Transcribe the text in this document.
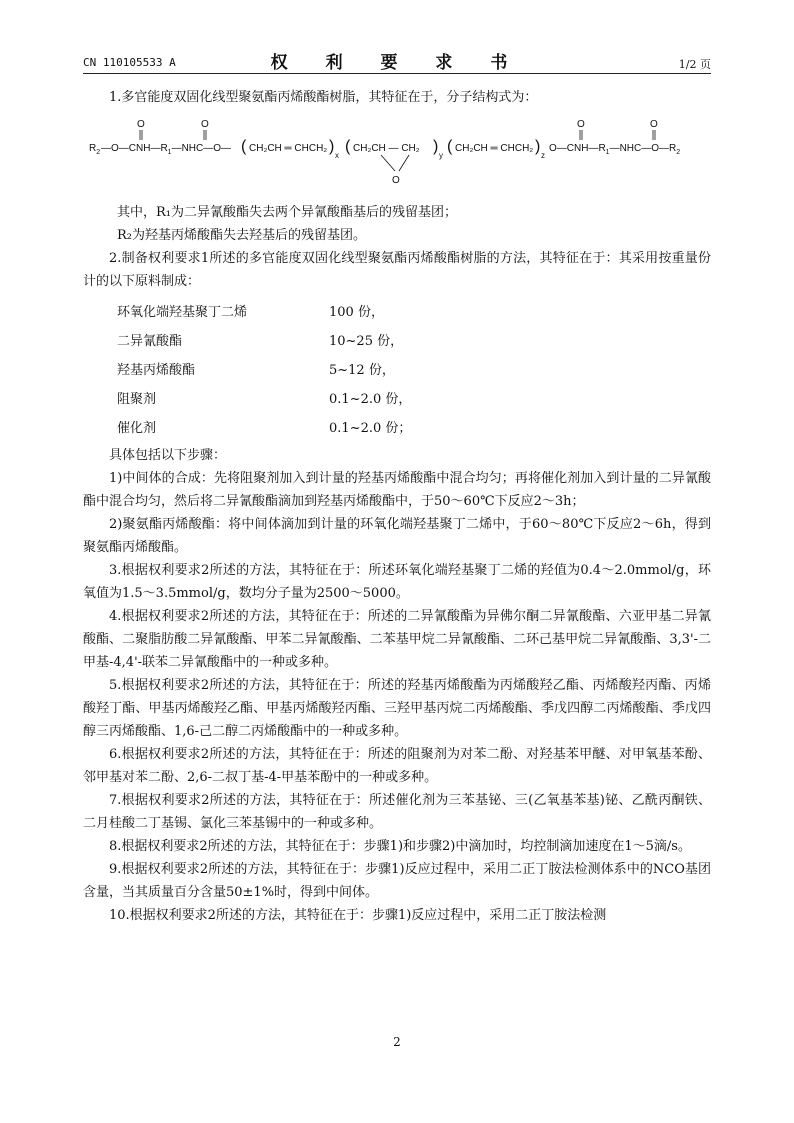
CN 110105533 A	权 利 要 求 书	1/2 页

1.多官能度双固化线型聚氨酯丙烯酸酯树脂，其特征在于，分子结构式为：

O	O	O	O
$R_2$ $—O—CNH—R_1—NHC—O—$ ( CH₂CH ═ CHCH₂ )
x
( CH₂CH — CH₂ )
y
O
( CH₂CH ═ CHCH₂ )
z
$O—CNH—R_1—NHC—O—R_2$

其中，R₁为二异氰酸酯失去两个异氰酸酯基后的残留基团；

R₂为羟基丙烯酸酯失去羟基后的残留基团。

2.制备权利要求1所述的多官能度双固化线型聚氨酯丙烯酸酯树脂的方法，其特征在于：其采用按重量份计的以下原料制成：

环氧化端羟基聚丁二烯	100 份，
二异氰酸酯	10~25 份，
羟基丙烯酸酯	5~12 份，
阻聚剂	0.1~2.0 份，
催化剂	0.1~2.0 份；

具体包括以下步骤：

1)中间体的合成：先将阻聚剂加入到计量的羟基丙烯酸酯中混合均匀；再将催化剂加入到计量的二异氰酸酯中混合均匀，然后将二异氰酸酯滴加到羟基丙烯酸酯中，于50～60℃下反应2～3h；

2)聚氨酯丙烯酸酯：将中间体滴加到计量的环氧化端羟基聚丁二烯中，于60～80℃下反应2～6h，得到聚氨酯丙烯酸酯。

3.根据权利要求2所述的方法，其特征在于：所述环氧化端羟基聚丁二烯的羟值为0.4～2.0mmol/g，环氧值为1.5～3.5mmol/g，数均分子量为2500～5000。

4.根据权利要求2所述的方法，其特征在于：所述的二异氰酸酯为异佛尔酮二异氰酸酯、六亚甲基二异氰酸酯、二聚脂肪酸二异氰酸酯、甲苯二异氰酸酯、二苯基甲烷二异氰酸酯、二环己基甲烷二异氰酸酯、3,3'-二甲基-4,4'-联苯二异氰酸酯中的一种或多种。

5.根据权利要求2所述的方法，其特征在于：所述的羟基丙烯酸酯为丙烯酸羟乙酯、丙烯酸羟丙酯、丙烯酸羟丁酯、甲基丙烯酸羟乙酯、甲基丙烯酸羟丙酯、三羟甲基丙烷二丙烯酸酯、季戊四醇二丙烯酸酯、季戊四醇三丙烯酸酯、1,6-己二醇二丙烯酸酯中的一种或多种。

6.根据权利要求2所述的方法，其特征在于：所述的阻聚剂为对苯二酚、对羟基苯甲醚、对甲氧基苯酚、邻甲基对苯二酚、2,6-二叔丁基-4-甲基苯酚中的一种或多种。

7.根据权利要求2所述的方法，其特征在于：所述催化剂为三苯基铋、三(乙氧基苯基)铋、乙酰丙酮铁、二月桂酸二丁基锡、氯化三苯基锡中的一种或多种。

8.根据权利要求2所述的方法，其特征在于：步骤1)和步骤2)中滴加时，均控制滴加速度在1～5滴/s。

9.根据权利要求2所述的方法，其特征在于：步骤1)反应过程中，采用二正丁胺法检测体系中的NCO基团含量，当其质量百分含量50±1%时，得到中间体。

10.根据权利要求2所述的方法，其特征在于：步骤1)反应过程中，采用二正丁胺法检测

2
